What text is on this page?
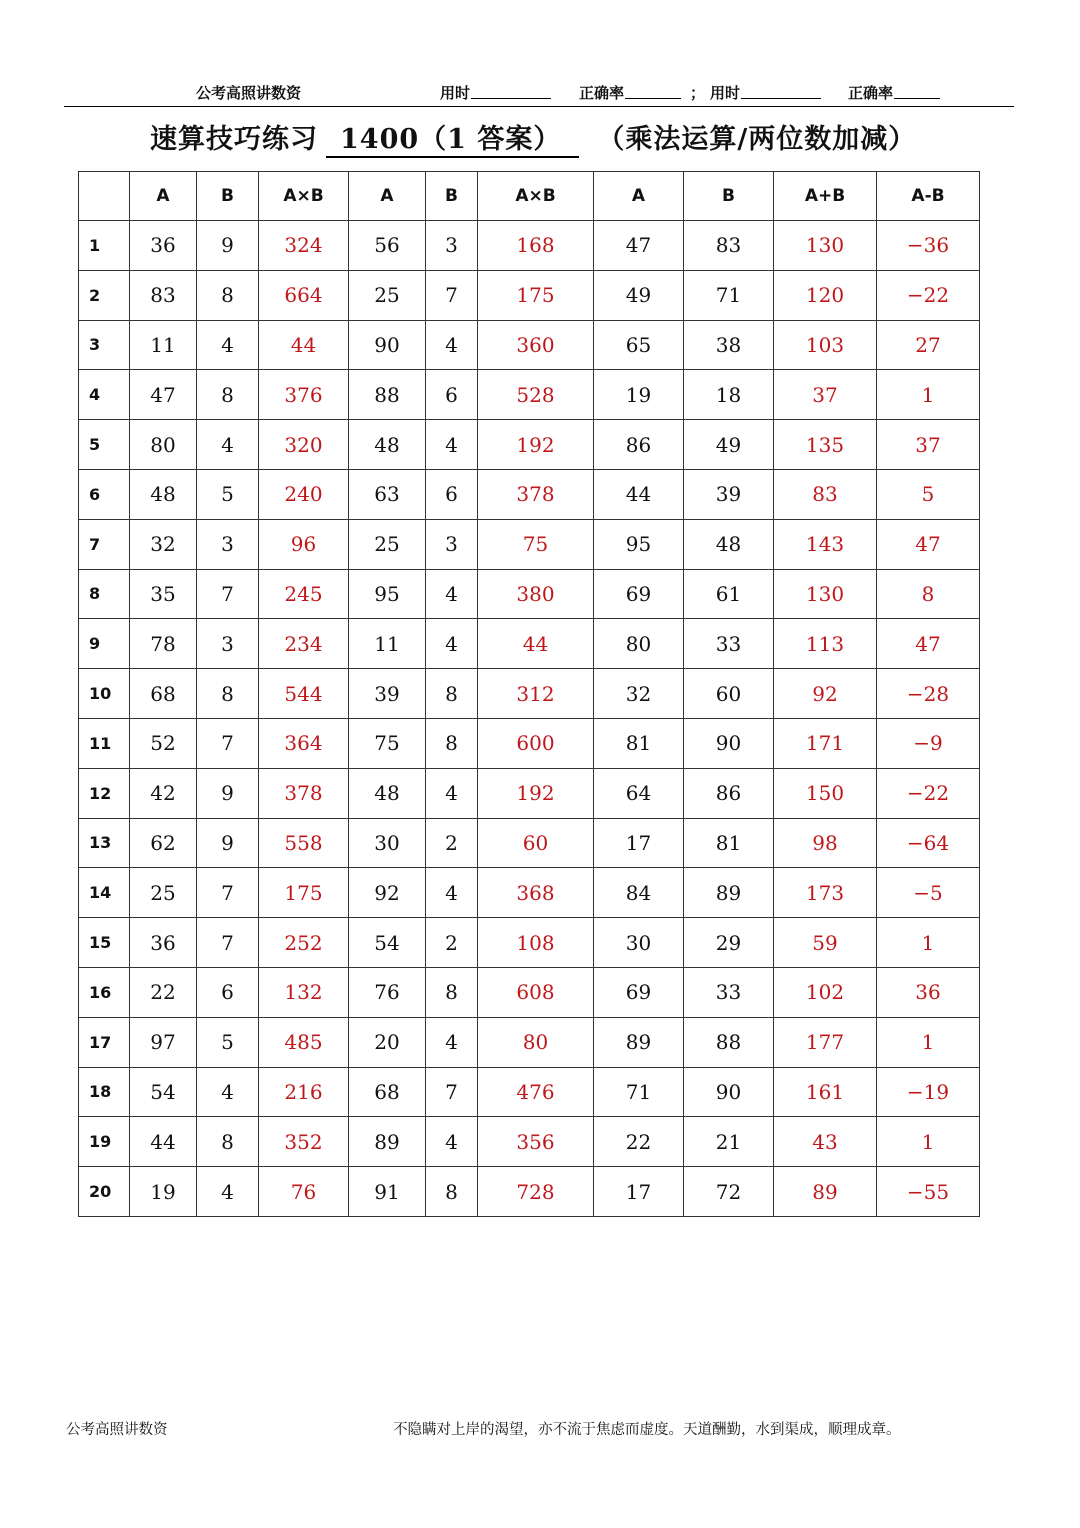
公考高照讲数资	用时	正确率	； 用时	正确率
速算技巧练习 1400（1 答案） （乘法运算/两位数加减）
	A	B	A×B	A	B	A×B	A	B	A+B	A-B
1	36	9	324	56	3	168	47	83	130	−36
2	83	8	664	25	7	175	49	71	120	−22
3	11	4	44	90	4	360	65	38	103	27
4	47	8	376	88	6	528	19	18	37	1
5	80	4	320	48	4	192	86	49	135	37
6	48	5	240	63	6	378	44	39	83	5
7	32	3	96	25	3	75	95	48	143	47
8	35	7	245	95	4	380	69	61	130	8
9	78	3	234	11	4	44	80	33	113	47
10	68	8	544	39	8	312	32	60	92	−28
11	52	7	364	75	8	600	81	90	171	−9
12	42	9	378	48	4	192	64	86	150	−22
13	62	9	558	30	2	60	17	81	98	−64
14	25	7	175	92	4	368	84	89	173	−5
15	36	7	252	54	2	108	30	29	59	1
16	22	6	132	76	8	608	69	33	102	36
17	97	5	485	20	4	80	89	88	177	1
18	54	4	216	68	7	476	71	90	161	−19
19	44	8	352	89	4	356	22	21	43	1
20	19	4	76	91	8	728	17	72	89	−55
公考高照讲数资	不隐瞒对上岸的渴望，亦不流于焦虑而虚度。天道酬勤，水到渠成，顺理成章。
